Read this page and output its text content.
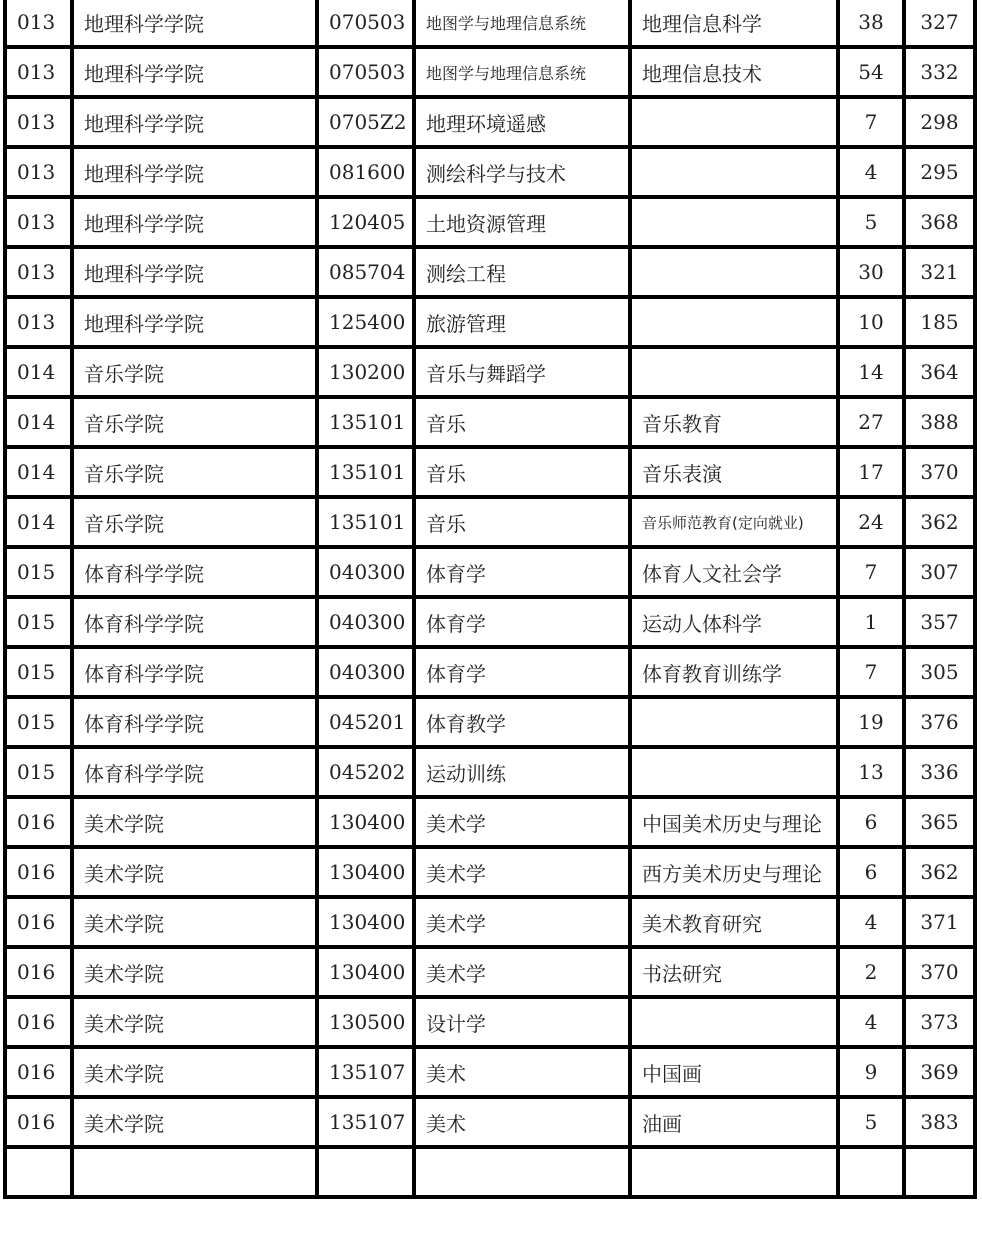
013	地理科学学院	070503	地图学与地理信息系统	地理信息科学	38	327
013	地理科学学院	070503	地图学与地理信息系统	地理信息技术	54	332
013	地理科学学院	0705Z2	地理环境遥感		7	298
013	地理科学学院	081600	测绘科学与技术		4	295
013	地理科学学院	120405	土地资源管理		5	368
013	地理科学学院	085704	测绘工程		30	321
013	地理科学学院	125400	旅游管理		10	185
014	音乐学院	130200	音乐与舞蹈学		14	364
014	音乐学院	135101	音乐	音乐教育	27	388
014	音乐学院	135101	音乐	音乐表演	17	370
014	音乐学院	135101	音乐	音乐师范教育(定向就业)	24	362
015	体育科学学院	040300	体育学	体育人文社会学	7	307
015	体育科学学院	040300	体育学	运动人体科学	1	357
015	体育科学学院	040300	体育学	体育教育训练学	7	305
015	体育科学学院	045201	体育教学		19	376
015	体育科学学院	045202	运动训练		13	336
016	美术学院	130400	美术学	中国美术历史与理论	6	365
016	美术学院	130400	美术学	西方美术历史与理论	6	362
016	美术学院	130400	美术学	美术教育研究	4	371
016	美术学院	130400	美术学	书法研究	2	370
016	美术学院	130500	设计学		4	373
016	美术学院	135107	美术	中国画	9	369
016	美术学院	135107	美术	油画	5	383
